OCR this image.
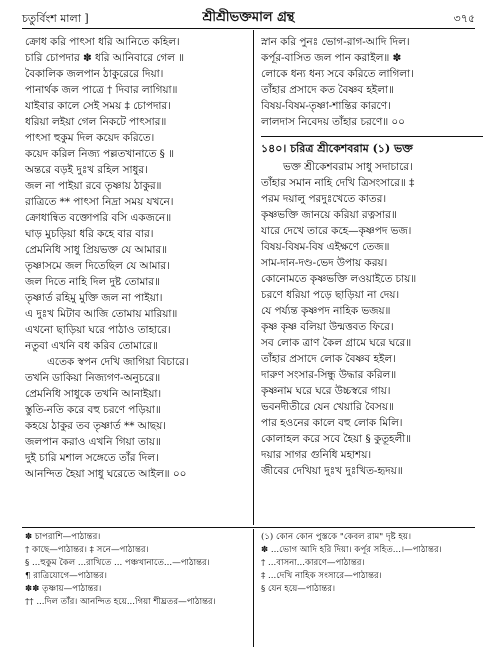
চতুর্বিংশ মালা ]	শ্রীশ্রীভক্তমাল গ্রন্থ	৩৭৫
ক্রোধ করি পাৎসা ধরি আনিতে কহিল।
চারি চোপদার ✽ ধরি আনিবারে গেল ॥
বৈকালিক জলপান ঠাকুরেরে দিয়া।
পানার্থক জল পাত্রে † দিবার লাগিয়া॥
যাইবার কালে সেই সময় ‡ চোপদার।
ধরিয়া লইয়া গেল নিকটে পাৎসার॥
পাৎসা হুকুম দিল কয়েদ করিতে।
কয়েদ করিল নিজ্য পল্লতখানাতে § ॥
অন্তরে বড়ই দুঃখ রহিল সাধুর।
জল না পাইয়া রবে তৃষ্ণায় ঠাকুর॥
রাত্রিতে ** পাৎসা নিদ্রা সময় যখনে।
ক্রোধান্বিত বক্তোপরি বসি একজনে॥
ঘাড় মুচড়িয়া ধরি কহে বার বার।
প্রেমনিধি সাধু প্রিয়ভক্ত যে আমার॥
তৃষ্ণাসমে জল দিতেছিল যে আমার।
জল দিতে নাহি দিল দুষ্ট তোমার॥
তৃষ্ণার্ত রহিমু মুক্তি জল না পাইয়া।
এ দুঃখ মিটাব আজি তোমায় মারিয়া॥
এখনো ছাড়িয়া ঘরে পাঠাও তাহারে।
নতুবা এখনি বধ করিব তোমারে॥
এতেক স্বপন দেখি জাগিয়া বিচারে।
তখনি ডাকিয়া নিজ্যগণ-অনুচরে॥
প্রেমনিধি সাধুকে তখনি আনাইয়া।
স্তুতি-নতি করে বহু চরণে পড়িয়া॥
কহয়ে ঠাকুর তব তৃষ্ণার্ত ** আছয়।
জলপান করাও এখনি গিয়া তায়॥
দুই চারি মশাল সঙ্গেতে তাঁর দিল।
আনন্দিত হৈয়া সাধু ঘরেতে আইল॥ ০০
স্নান করি পুনঃ ভোগ-রাগ-আদি দিল।
কর্পূর-বাসিত জল পান করাইল॥ ✽
লোকে ধন্য ধন্য সবে করিতে লাগিলা।
তাঁহার প্রসাদে কত বৈষ্ণব হইলা॥
বিষয়-বিষম-তৃষ্ণা-শান্তির কারণে।
লালদাস নিবেদয় তাঁহার চরণে॥ ০০
১৪০। চরিত্র শ্রীকেশবরাম (১) ভক্ত
ভক্ত শ্রীকেশবরাম সাধু সদাচারে।
তাঁহার সমান নাহি দেখি ত্রিসংসারে॥ ‡
পরম দয়ালু পরদুঃখেতে কাতর।
কৃষ্ণভক্তি জানয়ে করিয়া রত্নসার॥
যারে দেখে তারে কহে—কৃষ্ণপদ ভজ।
বিষয়-বিষম-বিষ এইক্ষণে তেজ॥
সাম-দান-দণ্ড-ভেদ উপায় করয়।
কোনোমতে কৃষ্ণভক্তি লওয়াইতে চায়॥
চরণে ধরিয়া পড়ে ছাড়িয়া না দেয়।
যে পর্য্যন্ত কৃষ্ণপদ নাহিক ভজয়॥
কৃষ্ণ কৃষ্ণ বলিয়া উন্মত্তবত ফিরে।
সব লোক ত্রাণ কৈল গ্রামে ঘরে ঘরে॥
তাঁহার প্রসাদে লোক বৈষ্ণব হইল।
দারুণ সংসার-সিন্ধু উদ্ধার করিল॥
কৃষ্ণনাম ঘরে ঘরে উচ্চস্বরে গায়।
ভবনদীতীরে যেন খেয়ারি বৈসয়॥
পার হওনের কালে বহু লোক মিলি।
কোলাহল করে সবে হৈয়া § কুতূহলী॥
দয়ার সাগর গুনিধি মহাশয়।
জীবের দেখিয়া দুঃখ দুঃখিত-হৃদয়॥
✽ চাপরাশি—পাঠান্তর।
† কাছে—পাঠান্তর। ‡ সনে—পাঠান্তর।
§ ...হুকুম কৈল ...রাখিতে ... পঞ্চখানাতে...—পাঠান্তর।
¶ রাত্রিযোগে—পাঠান্তর।
✽✽ তৃষ্ণায়—পাঠান্তর।
†† ...দিল তাঁর। আনন্দিত হয়ে...গিয়া শীঘ্রতর—পাঠান্তর।
(১) কোন কোন পুস্তকে "কেবল রাম" দৃষ্ট হয়।
✽ ...ভোগ আদি হরি দিয়া। কর্পূর সহিত...।—পাঠান্তর।
† ...বাসনা...কারণে—পাঠান্তর।
‡ ...দেখি নাহিক সংসারে—পাঠান্তর।
§ যেন হয়ে—পাঠান্তর।
